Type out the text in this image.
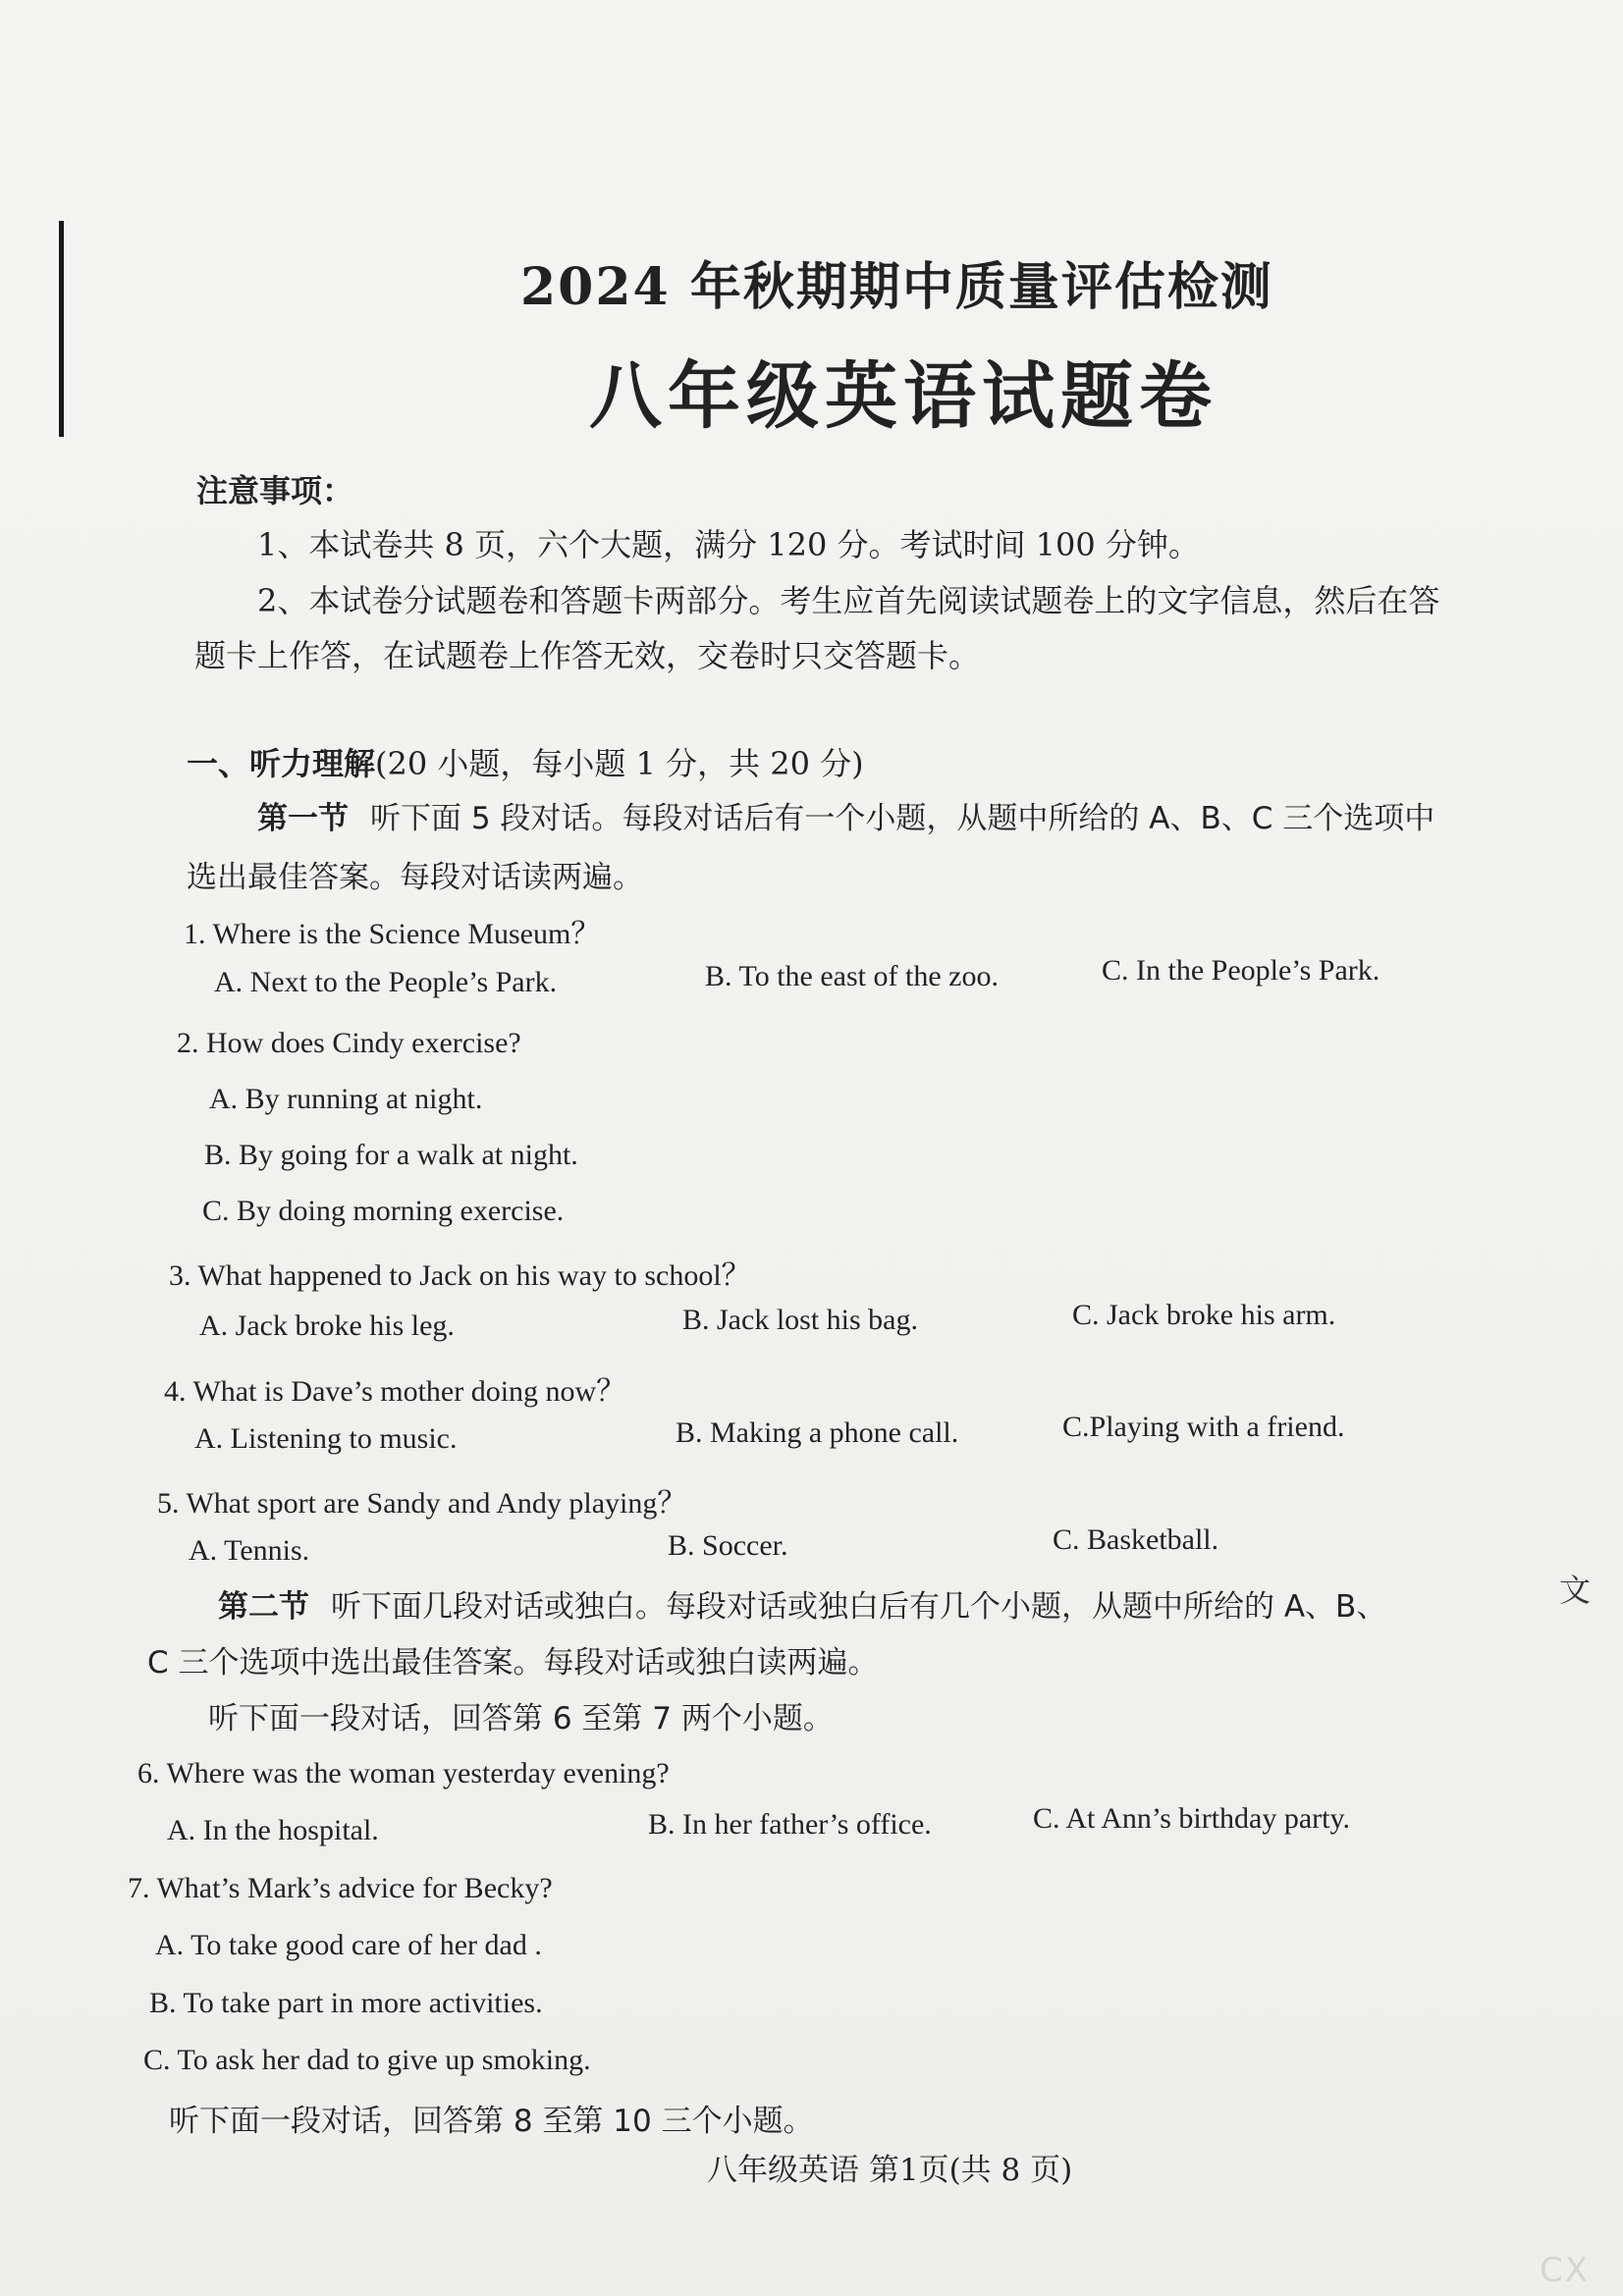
2024 年秋期期中质量评估检测
八年级英语试题卷
注意事项：
1、本试卷共 8 页，六个大题，满分 120 分。考试时间 100 分钟。
2、本试卷分试题卷和答题卡两部分。考生应首先阅读试题卷上的文字信息，然后在答
题卡上作答，在试题卷上作答无效，交卷时只交答题卡。
一、听力理解(20 小题，每小题 1 分，共 20 分)
第一节 听下面 5 段对话。每段对话后有一个小题，从题中所给的 A、B、C 三个选项中
选出最佳答案。每段对话读两遍。
1. Where is the Science Museum？
A. Next to the People’s Park.	B. To the east of the zoo.	C. In the People’s Park.
2. How does Cindy exercise?
A. By running at night.
B. By going for a walk at night.
C. By doing morning exercise.
3. What happened to Jack on his way to school？
A. Jack broke his leg.	B. Jack lost his bag.	C. Jack broke his arm.
4. What is Dave’s mother doing now？
A. Listening to music.	B. Making a phone call.	C.Playing with a friend.
5. What sport are Sandy and Andy playing？
A. Tennis.	B. Soccer.	C. Basketball.
第二节 听下面几段对话或独白。每段对话或独白后有几个小题，从题中所给的 A、B、
C 三个选项中选出最佳答案。每段对话或独白读两遍。
听下面一段对话，回答第 6 至第 7 两个小题。
6. Where was the woman yesterday evening?
A. In the hospital.	B. In her father’s office.	C. At Ann’s birthday party.
7. What’s Mark’s advice for Becky?
A. To take good care of her dad .
B. To take part in more activities.
C. To ask her dad to give up smoking.
听下面一段对话，回答第 8 至第 10 三个小题。
八年级英语 第1页(共 8 页)
文
CX
